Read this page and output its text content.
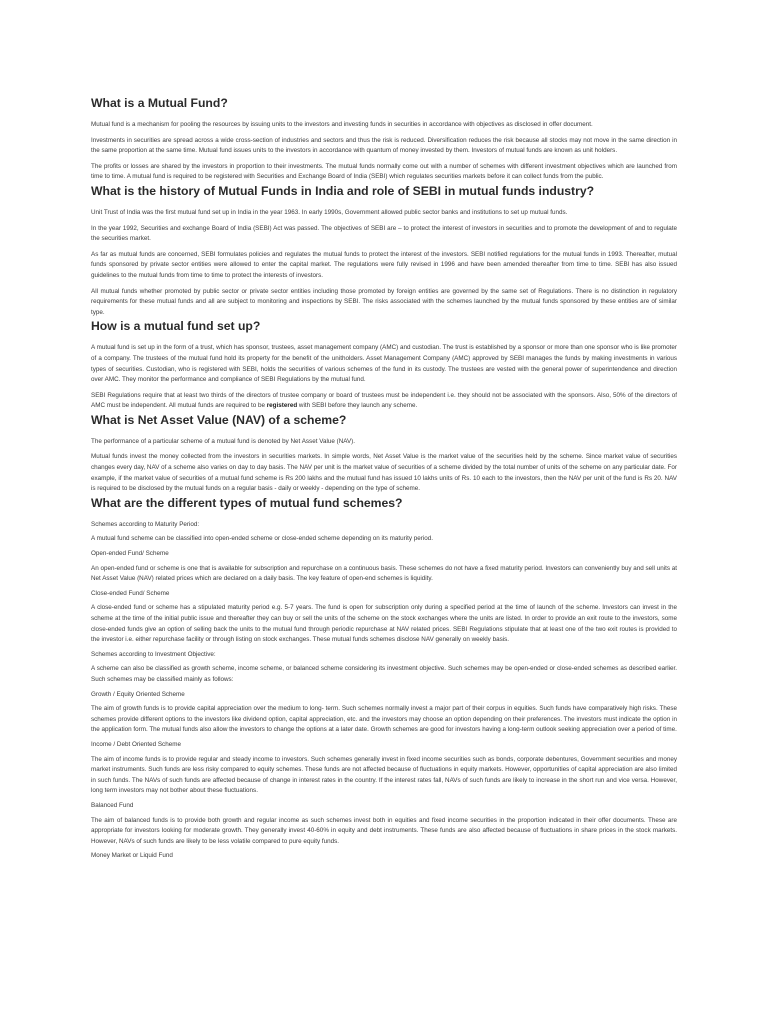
What is a Mutual Fund?

Mutual fund is a mechanism for pooling the resources by issuing units to the investors and investing funds in securities in accordance with objectives as disclosed in offer document.

Investments in securities are spread across a wide cross-section of industries and sectors and thus the risk is reduced. Diversification reduces the risk because all stocks may not move in the same direction in the same proportion at the same time. Mutual fund issues units to the investors in accordance with quantum of money invested by them. Investors of mutual funds are known as unit holders.

The profits or losses are shared by the investors in proportion to their investments. The mutual funds normally come out with a number of schemes with different investment objectives which are launched from time to time. A mutual fund is required to be registered with Securities and Exchange Board of India (SEBI) which regulates securities markets before it can collect funds from the public.

What is the history of Mutual Funds in India and role of SEBI in mutual funds industry?

Unit Trust of India was the first mutual fund set up in India in the year 1963. In early 1990s, Government allowed public sector banks and institutions to set up mutual funds.

In the year 1992, Securities and exchange Board of India (SEBI) Act was passed. The objectives of SEBI are – to protect the interest of investors in securities and to promote the development of and to regulate the securities market.

As far as mutual funds are concerned, SEBI formulates policies and regulates the mutual funds to protect the interest of the investors. SEBI notified regulations for the mutual funds in 1993. Thereafter, mutual funds sponsored by private sector entities were allowed to enter the capital market. The regulations were fully revised in 1996 and have been amended thereafter from time to time. SEBI has also issued guidelines to the mutual funds from time to time to protect the interests of investors.

All mutual funds whether promoted by public sector or private sector entities including those promoted by foreign entities are governed by the same set of Regulations. There is no distinction in regulatory requirements for these mutual funds and all are subject to monitoring and inspections by SEBI. The risks associated with the schemes launched by the mutual funds sponsored by these entities are of similar type.

How is a mutual fund set up?

A mutual fund is set up in the form of a trust, which has sponsor, trustees, asset management company (AMC) and custodian. The trust is established by a sponsor or more than one sponsor who is like promoter of a company. The trustees of the mutual fund hold its property for the benefit of the unitholders. Asset Management Company (AMC) approved by SEBI manages the funds by making investments in various types of securities. Custodian, who is registered with SEBI, holds the securities of various schemes of the fund in its custody. The trustees are vested with the general power of superintendence and direction over AMC. They monitor the performance and compliance of SEBI Regulations by the mutual fund.

SEBI Regulations require that at least two thirds of the directors of trustee company or board of trustees must be independent i.e. they should not be associated with the sponsors. Also, 50% of the directors of AMC must be independent. All mutual funds are required to be registered with SEBI before they launch any scheme.

What is Net Asset Value (NAV) of a scheme?

The performance of a particular scheme of a mutual fund is denoted by Net Asset Value (NAV).

Mutual funds invest the money collected from the investors in securities markets. In simple words, Net Asset Value is the market value of the securities held by the scheme. Since market value of securities changes every day, NAV of a scheme also varies on day to day basis. The NAV per unit is the market value of securities of a scheme divided by the total number of units of the scheme on any particular date. For example, if the market value of securities of a mutual fund scheme is Rs 200 lakhs and the mutual fund has issued 10 lakhs units of Rs. 10 each to the investors, then the NAV per unit of the fund is Rs 20. NAV is required to be disclosed by the mutual funds on a regular basis - daily or weekly - depending on the type of scheme.

What are the different types of mutual fund schemes?

Schemes according to Maturity Period:

A mutual fund scheme can be classified into open-ended scheme or close-ended scheme depending on its maturity period.

Open-ended Fund/ Scheme

An open-ended fund or scheme is one that is available for subscription and repurchase on a continuous basis. These schemes do not have a fixed maturity period. Investors can conveniently buy and sell units at Net Asset Value (NAV) related prices which are declared on a daily basis. The key feature of open-end schemes is liquidity.

Close-ended Fund/ Scheme

A close-ended fund or scheme has a stipulated maturity period e.g. 5-7 years. The fund is open for subscription only during a specified period at the time of launch of the scheme. Investors can invest in the scheme at the time of the initial public issue and thereafter they can buy or sell the units of the scheme on the stock exchanges where the units are listed. In order to provide an exit route to the investors, some close-ended funds give an option of selling back the units to the mutual fund through periodic repurchase at NAV related prices. SEBI Regulations stipulate that at least one of the two exit routes is provided to the investor i.e. either repurchase facility or through listing on stock exchanges. These mutual funds schemes disclose NAV generally on weekly basis.

Schemes according to Investment Objective:

A scheme can also be classified as growth scheme, income scheme, or balanced scheme considering its investment objective. Such schemes may be open-ended or close-ended schemes as described earlier. Such schemes may be classified mainly as follows:

Growth / Equity Oriented Scheme

The aim of growth funds is to provide capital appreciation over the medium to long- term. Such schemes normally invest a major part of their corpus in equities. Such funds have comparatively high risks. These schemes provide different options to the investors like dividend option, capital appreciation, etc. and the investors may choose an option depending on their preferences. The investors must indicate the option in the application form. The mutual funds also allow the investors to change the options at a later date. Growth schemes are good for investors having a long-term outlook seeking appreciation over a period of time.

Income / Debt Oriented Scheme

The aim of income funds is to provide regular and steady income to investors. Such schemes generally invest in fixed income securities such as bonds, corporate debentures, Government securities and money market instruments. Such funds are less risky compared to equity schemes. These funds are not affected because of fluctuations in equity markets. However, opportunities of capital appreciation are also limited in such funds. The NAVs of such funds are affected because of change in interest rates in the country. If the interest rates fall, NAVs of such funds are likely to increase in the short run and vice versa. However, long term investors may not bother about these fluctuations.

Balanced Fund

The aim of balanced funds is to provide both growth and regular income as such schemes invest both in equities and fixed income securities in the proportion indicated in their offer documents. These are appropriate for investors looking for moderate growth. They generally invest 40-60% in equity and debt instruments. These funds are also affected because of fluctuations in share prices in the stock markets. However, NAVs of such funds are likely to be less volatile compared to pure equity funds.

Money Market or Liquid Fund
